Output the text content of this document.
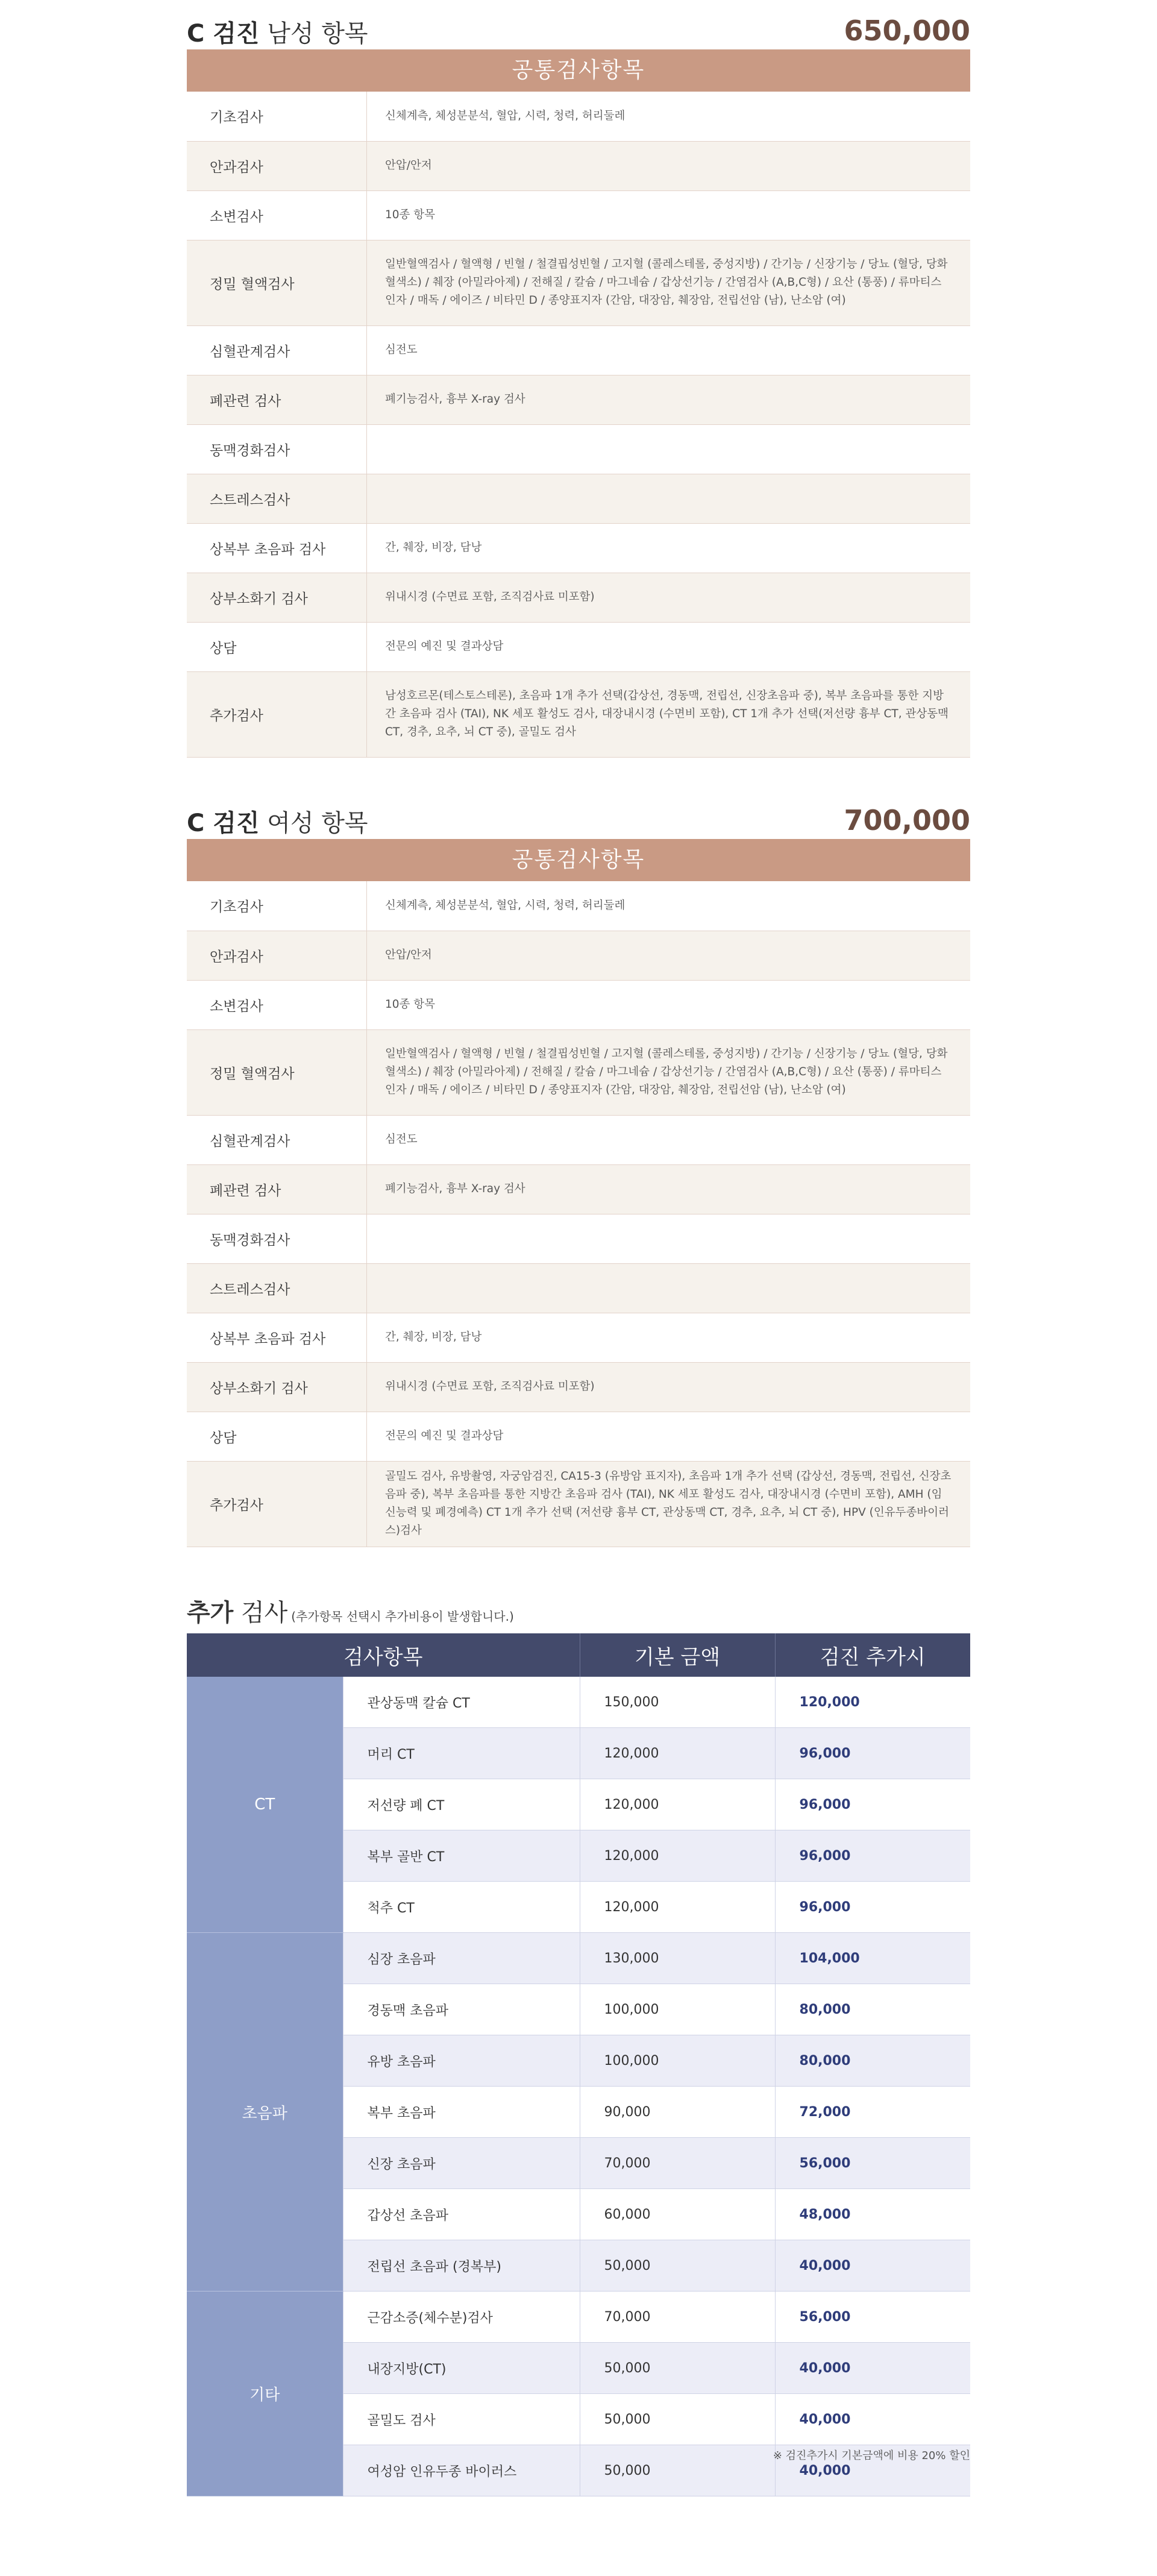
C 검진 남성 항목	650,000
공통검사항목
기초검사	신체계측, 체성분분석, 혈압, 시력, 청력, 허리둘레
안과검사	안압/안저
소변검사	10종 항목
정밀 혈액검사	일반혈액검사 / 혈액형 / 빈혈 / 철결핍성빈혈 / 고지혈 (콜레스테롤, 중성지방) / 간기능 / 신장기능 / 당뇨 (혈당, 당화혈색소) / 췌장 (아밀라아제) / 전해질 / 칼슘 / 마그네슘 / 갑상선기능 / 간염검사 (A,B,C형) / 요산 (통풍) / 류마티스인자 / 매독 / 에이즈 / 비타민 D / 종양표지자 (간암, 대장암, 췌장암, 전립선암 (남), 난소암 (여)
심혈관계검사	심전도
폐관련 검사	폐기능검사, 흉부 X-ray 검사
동맥경화검사	
스트레스검사	
상복부 초음파 검사	간, 췌장, 비장, 담낭
상부소화기 검사	위내시경 (수면료 포함, 조직검사료 미포함)
상담	전문의 예진 및 결과상담
추가검사	남성호르몬(테스토스테론), 초음파 1개 추가 선택(갑상선, 경동맥, 전립선, 신장초음파 중), 복부 초음파를 통한 지방간 초음파 검사 (TAI), NK 세포 활성도 검사, 대장내시경 (수면비 포함), CT 1개 추가 선택(저선량 흉부 CT, 관상동맥 CT, 경추, 요추, 뇌 CT 중), 골밀도 검사
C 검진 여성 항목	700,000
공통검사항목
기초검사	신체계측, 체성분분석, 혈압, 시력, 청력, 허리둘레
안과검사	안압/안저
소변검사	10종 항목
정밀 혈액검사	일반혈액검사 / 혈액형 / 빈혈 / 철결핍성빈혈 / 고지혈 (콜레스테롤, 중성지방) / 간기능 / 신장기능 / 당뇨 (혈당, 당화혈색소) / 췌장 (아밀라아제) / 전해질 / 칼슘 / 마그네슘 / 갑상선기능 / 간염검사 (A,B,C형) / 요산 (통풍) / 류마티스인자 / 매독 / 에이즈 / 비타민 D / 종양표지자 (간암, 대장암, 췌장암, 전립선암 (남), 난소암 (여)
심혈관계검사	심전도
폐관련 검사	폐기능검사, 흉부 X-ray 검사
동맥경화검사	
스트레스검사	
상복부 초음파 검사	간, 췌장, 비장, 담낭
상부소화기 검사	위내시경 (수면료 포함, 조직검사료 미포함)
상담	전문의 예진 및 결과상담
추가검사	골밀도 검사, 유방촬영, 자궁암검진, CA15-3 (유방암 표지자), 초음파 1개 추가 선택 (갑상선, 경동맥, 전립선, 신장초음파 중), 복부 초음파를 통한 지방간 초음파 검사 (TAI), NK 세포 활성도 검사, 대장내시경 (수면비 포함), AMH (임신능력 및 폐경예측) CT 1개 추가 선택 (저선량 흉부 CT, 관상동맥 CT, 경추, 요추, 뇌 CT 중), HPV (인유두종바이러스)검사
추가 검사 (추가항목 선택시 추가비용이 발생합니다.)
검사항목		기본 금액	검진 추가시
CT	관상동맥 칼슘 CT	150,000	120,000
	머리 CT	120,000	96,000
	저선량 폐 CT	120,000	96,000
	복부 골반 CT	120,000	96,000
	척추 CT	120,000	96,000
초음파	심장 초음파	130,000	104,000
	경동맥 초음파	100,000	80,000
	유방 초음파	100,000	80,000
	복부 초음파	90,000	72,000
	신장 초음파	70,000	56,000
	갑상선 초음파	60,000	48,000
	전립선 초음파 (경복부)	50,000	40,000
기타	근감소증(체수분)검사	70,000	56,000
	내장지방(CT)	50,000	40,000
	골밀도 검사	50,000	40,000
	여성암 인유두종 바이러스	50,000	40,000
※ 검진추가시 기본금액에 비용 20% 할인
